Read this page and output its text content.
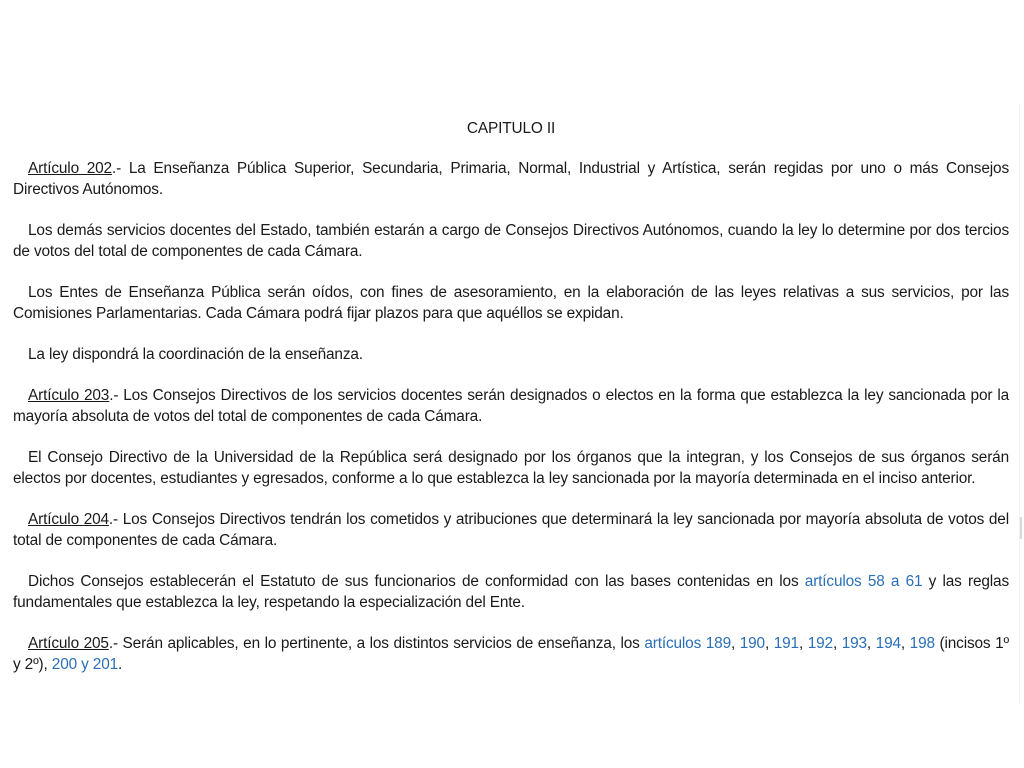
CAPITULO II

Artículo 202.- La Enseñanza Pública Superior, Secundaria, Primaria, Normal, Industrial y Artística, serán regidas por uno o más Consejos Directivos Autónomos.

Los demás servicios docentes del Estado, también estarán a cargo de Consejos Directivos Autónomos, cuando la ley lo determine por dos tercios de votos del total de componentes de cada Cámara.

Los Entes de Enseñanza Pública serán oídos, con fines de asesoramiento, en la elaboración de las leyes relativas a sus servicios, por las Comisiones Parlamentarias. Cada Cámara podrá fijar plazos para que aquéllos se expidan.

La ley dispondrá la coordinación de la enseñanza.

Artículo 203.- Los Consejos Directivos de los servicios docentes serán designados o electos en la forma que establezca la ley sancionada por la mayoría absoluta de votos del total de componentes de cada Cámara.

El Consejo Directivo de la Universidad de la República será designado por los órganos que la integran, y los Consejos de sus órganos serán electos por docentes, estudiantes y egresados, conforme a lo que establezca la ley sancionada por la mayoría determinada en el inciso anterior.

Artículo 204.- Los Consejos Directivos tendrán los cometidos y atribuciones que determinará la ley sancionada por mayoría absoluta de votos del total de componentes de cada Cámara.

Dichos Consejos establecerán el Estatuto de sus funcionarios de conformidad con las bases contenidas en los artículos 58 a 61 y las reglas fundamentales que establezca la ley, respetando la especialización del Ente.

Artículo 205.- Serán aplicables, en lo pertinente, a los distintos servicios de enseñanza, los artículos 189, 190, 191, 192, 193, 194, 198 (incisos 1º y 2º), 200 y 201.
